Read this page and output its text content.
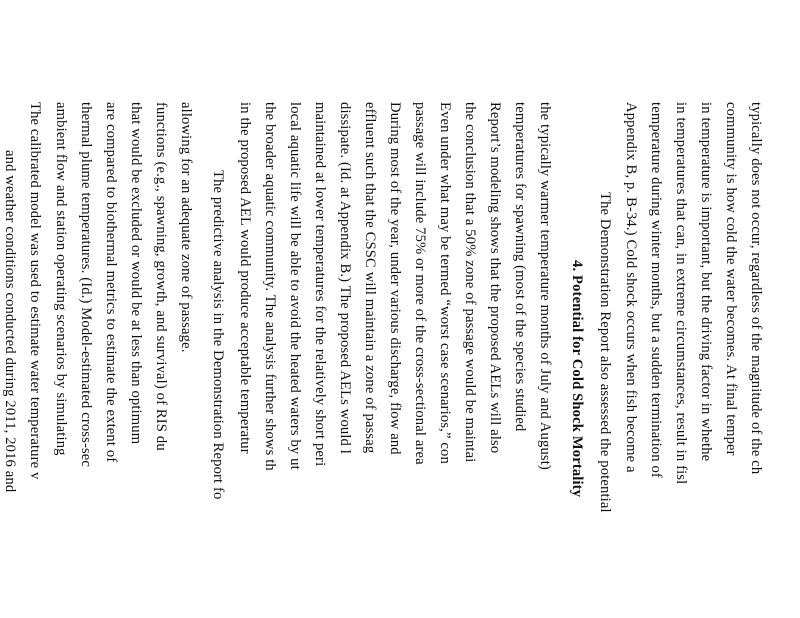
and weather conditions conducted during 2011, 2016 and The calibrated model was used to estimate water temperature v ambient flow and station operating scenarios by simulating thermal plume temperatures. (Id.) Model-estimated cross-sec are compared to biothermal metrics to estimate the extent of that would be excluded or would be at less than optimum functions (e.g., spawning, growth, and survival) of RIS du allowing for an adequate zone of passage. The predictive analysis in the Demonstration Report fo in the proposed AEL would produce acceptable temperatur the broader aquatic community. The analysis further shows th local aquatic life will be able to avoid the heated waters by ut maintained at lower temperatures for the relatively short peri dissipate. (Id. at Appendix B.) The proposed AELs would l effluent such that the CSSC will maintain a zone of passag During most of the year, under various discharge, flow and passage will include 75% or more of the cross-sectional area Even under what may be termed “worst case scenarios,” con the conclusion that a 50% zone of passage would be maintai Report’s modeling shows that the proposed AELs will also temperatures for spawning (most of the species studied the typically warmer temperature months of July and August) 4. Potential for Cold Shock Mortality The Demonstration Report also assessed the potential Appendix B, p. B-34.) Cold shock occurs when fish become a temperature during winter months, but a sudden termination of in temperatures that can, in extreme circumstances, result in fisl in temperature is important, but the driving factor in whethe community is how cold the water becomes. At final temper typically does not occur, regardless of the magnitude of the ch
